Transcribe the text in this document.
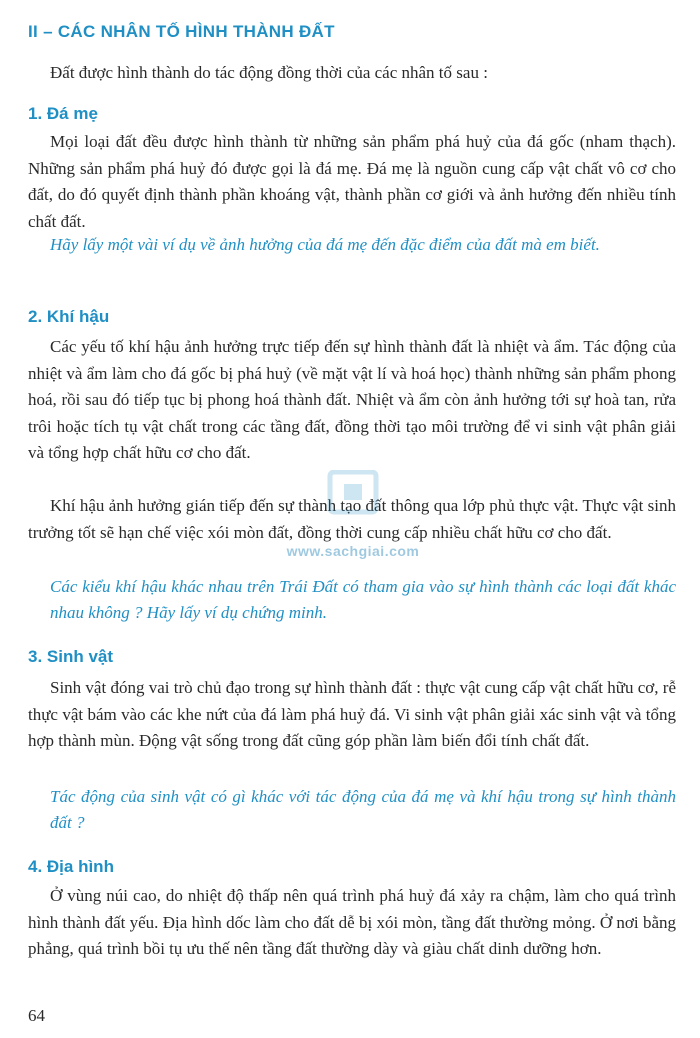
II – CÁC NHÂN TỐ HÌNH THÀNH ĐẤT

Đất được hình thành do tác động đồng thời của các nhân tố sau :

1. Đá mẹ

Mọi loại đất đều được hình thành từ những sản phẩm phá huỷ của đá gốc (nham thạch). Những sản phẩm phá huỷ đó được gọi là đá mẹ. Đá mẹ là nguồn cung cấp vật chất vô cơ cho đất, do đó quyết định thành phần khoáng vật, thành phần cơ giới và ảnh hưởng đến nhiều tính chất đất.

Hãy lấy một vài ví dụ về ảnh hưởng của đá mẹ đến đặc điểm của đất mà em biết.

2. Khí hậu

Các yếu tố khí hậu ảnh hưởng trực tiếp đến sự hình thành đất là nhiệt và ẩm. Tác động của nhiệt và ẩm làm cho đá gốc bị phá huỷ (về mặt vật lí và hoá học) thành những sản phẩm phong hoá, rồi sau đó tiếp tục bị phong hoá thành đất. Nhiệt và ẩm còn ảnh hưởng tới sự hoà tan, rửa trôi hoặc tích tụ vật chất trong các tầng đất, đồng thời tạo môi trường để vi sinh vật phân giải và tổng hợp chất hữu cơ cho đất.

Khí hậu ảnh hưởng gián tiếp đến sự thành tạo đất thông qua lớp phủ thực vật. Thực vật sinh trưởng tốt sẽ hạn chế việc xói mòn đất, đồng thời cung cấp nhiều chất hữu cơ cho đất.

Các kiểu khí hậu khác nhau trên Trái Đất có tham gia vào sự hình thành các loại đất khác nhau không ? Hãy lấy ví dụ chứng minh.

3. Sinh vật

Sinh vật đóng vai trò chủ đạo trong sự hình thành đất : thực vật cung cấp vật chất hữu cơ, rễ thực vật bám vào các khe nứt của đá làm phá huỷ đá. Vi sinh vật phân giải xác sinh vật và tổng hợp thành mùn. Động vật sống trong đất cũng góp phần làm biến đổi tính chất đất.

Tác động của sinh vật có gì khác với tác động của đá mẹ và khí hậu trong sự hình thành đất ?

4. Địa hình

Ở vùng núi cao, do nhiệt độ thấp nên quá trình phá huỷ đá xảy ra chậm, làm cho quá trình hình thành đất yếu. Địa hình dốc làm cho đất dễ bị xói mòn, tầng đất thường mỏng. Ở nơi bằng phẳng, quá trình bồi tụ ưu thế nên tầng đất thường dày và giàu chất dinh dưỡng hơn.

www.sachgiai.com

64
